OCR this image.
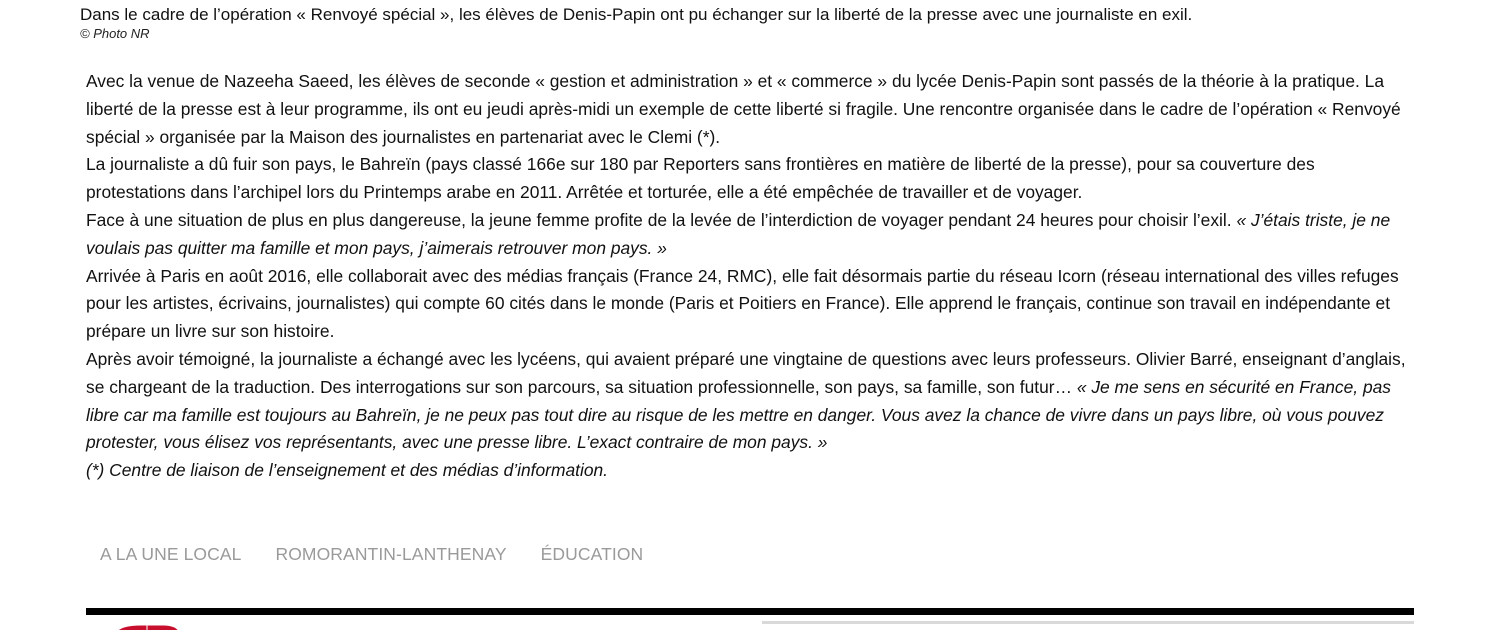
Dans le cadre de l’opération « Renvoyé spécial », les élèves de Denis-Papin ont pu échanger sur la liberté de la presse avec une journaliste en exil.
© Photo NR

Avec la venue de Nazeeha Saeed, les élèves de seconde « gestion et administration » et « commerce » du lycée Denis-Papin sont passés de la théorie à la pratique. La liberté de la presse est à leur programme, ils ont eu jeudi après-midi un exemple de cette liberté si fragile. Une rencontre organisée dans le cadre de l’opération « Renvoyé spécial » organisée par la Maison des journalistes en partenariat avec le Clemi (*).

La journaliste a dû fuir son pays, le Bahreïn (pays classé 166e sur 180 par Reporters sans frontières en matière de liberté de la presse), pour sa couverture des protestations dans l’archipel lors du Printemps arabe en 2011. Arrêtée et torturée, elle a été empêchée de travailler et de voyager.

Face à une situation de plus en plus dangereuse, la jeune femme profite de la levée de l’interdiction de voyager pendant 24 heures pour choisir l’exil. « J’étais triste, je ne voulais pas quitter ma famille et mon pays, j’aimerais retrouver mon pays. »

Arrivée à Paris en août 2016, elle collaborait avec des médias français (France 24, RMC), elle fait désormais partie du réseau Icorn (réseau international des villes refuges pour les artistes, écrivains, journalistes) qui compte 60 cités dans le monde (Paris et Poitiers en France). Elle apprend le français, continue son travail en indépendante et prépare un livre sur son histoire.

Après avoir témoigné, la journaliste a échangé avec les lycéens, qui avaient préparé une vingtaine de questions avec leurs professeurs. Olivier Barré, enseignant d’anglais, se chargeant de la traduction. Des interrogations sur son parcours, sa situation professionnelle, son pays, sa famille, son futur… « Je me sens en sécurité en France, pas libre car ma famille est toujours au Bahreïn, je ne peux pas tout dire au risque de les mettre en danger. Vous avez la chance de vivre dans un pays libre, où vous pouvez protester, vous élisez vos représentants, avec une presse libre. L’exact contraire de mon pays. »

(*) Centre de liaison de l’enseignement et des médias d’information.

A LA UNE LOCAL ROMORANTIN-LANTHENAY ÉDUCATION
